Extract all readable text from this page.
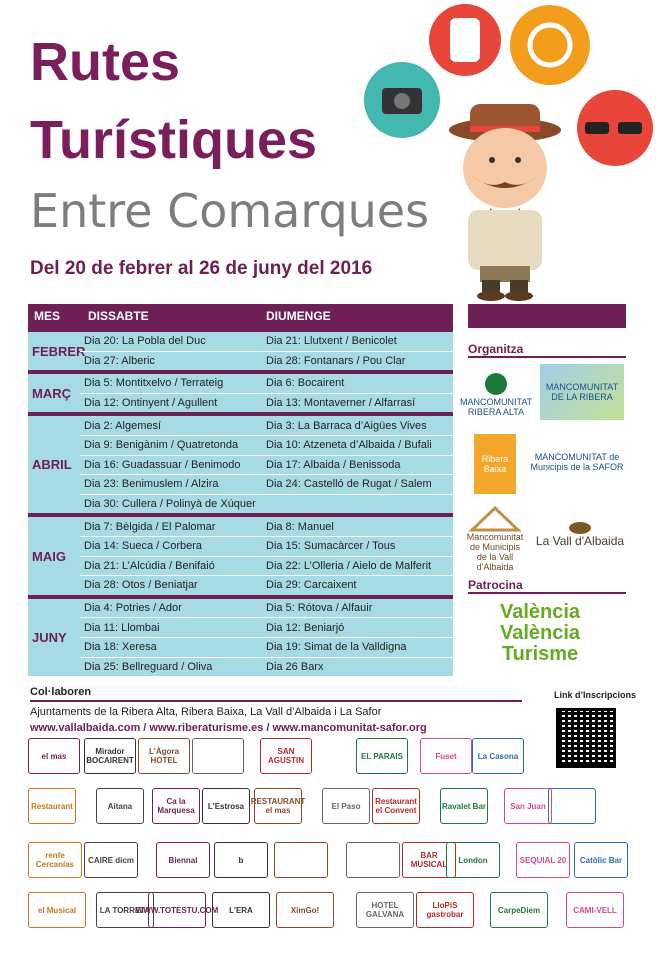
Rutes
Turístiques
Entre Comarques
Del 20 de febrer al 26 de juny del 2016
MES	DISSABTE	DIUMENGE
FEBRER
Dia 20: La Pobla del Duc	Dia 21: Llutxent / Benicolet
Dia 27: Alberic	Dia 28: Fontanars / Pou Clar
MARÇ
Dia 5: Montitxelvo / Terrateig	Dia 6: Bocairent
Dia 12: Ontinyent / Agullent	Dia 13: Montaverner / Alfarrasí
ABRIL
Dia 2: Algemesí	Dia 3: La Barraca d’Aigües Vives
Dia 9: Benigànim / Quatretonda	Dia 10: Atzeneta d’Albaida / Bufali
Dia 16: Guadassuar / Benimodo	Dia 17: Albaida / Benissoda
Dia 23: Benimuslem / Alzira	Dia 24: Castelló de Rugat / Salem
Dia 30: Cullera / Polinyà de Xúquer
MAIG
Dia 7: Bèlgida / El Palomar	Dia 8: Manuel
Dia 14: Sueca / Corbera	Dia 15: Sumacàrcer / Tous
Dia 21: L’Alcúdia / Benifaió	Dia 22: L’Olleria / Aielo de Malferit
Dia 28: Otos / Beniatjar	Dia 29: Carcaixent
JUNY
Dia 4: Potries / Ador	Dia 5: Rótova / Alfauir
Dia 11: Llombai	Dia 12: Beniarjó
Dia 18: Xeresa	Dia 19: Simat de la Valldigna
Dia 25: Bellreguard / Oliva	Dia 26 Barx
Organitza
MANCOMUNITAT RIBERA ALTA
MANCOMUNITAT DE LA RIBERA
Ribera Baixa
MANCOMUNITAT de Municipis de la SAFOR
Mancomunitat de Municipis de la Vall d'Albaida
La Vall d'Albaida
Patrocina
València
València
Turisme
Col·laboren
Ajuntaments de la Ribera Alta, Ribera Baixa, La Vall d’Albaida i La Safor
www.vallalbaida.com / www.riberaturisme.es / www.mancomunitat-safor.org
Link d’Inscripcions
el mas	Mirador BOCAIRENT
L'Àgora HOTEL
SAN AGUSTIN	EL PARAIS	Fuset	La Casona
Restaurant	Aitana	Ca la Marquesa	L'Estrosa RESTAURANT el mas	El Paso	Restaurant el Convent	Ravalet Bar	San Juan
renfe Cercanías	CAIRE dicm	Biennal	b	BAR MUSICAL	London	SEQUIAL 20	Catòlic Bar
el Musical	LA TORRETA
WWW.TOTESTU.COM	L'ERA	XimGo!	HOTEL GALVANA
LloPiS gastrobar	CarpeDiem	CAMI-VELL
